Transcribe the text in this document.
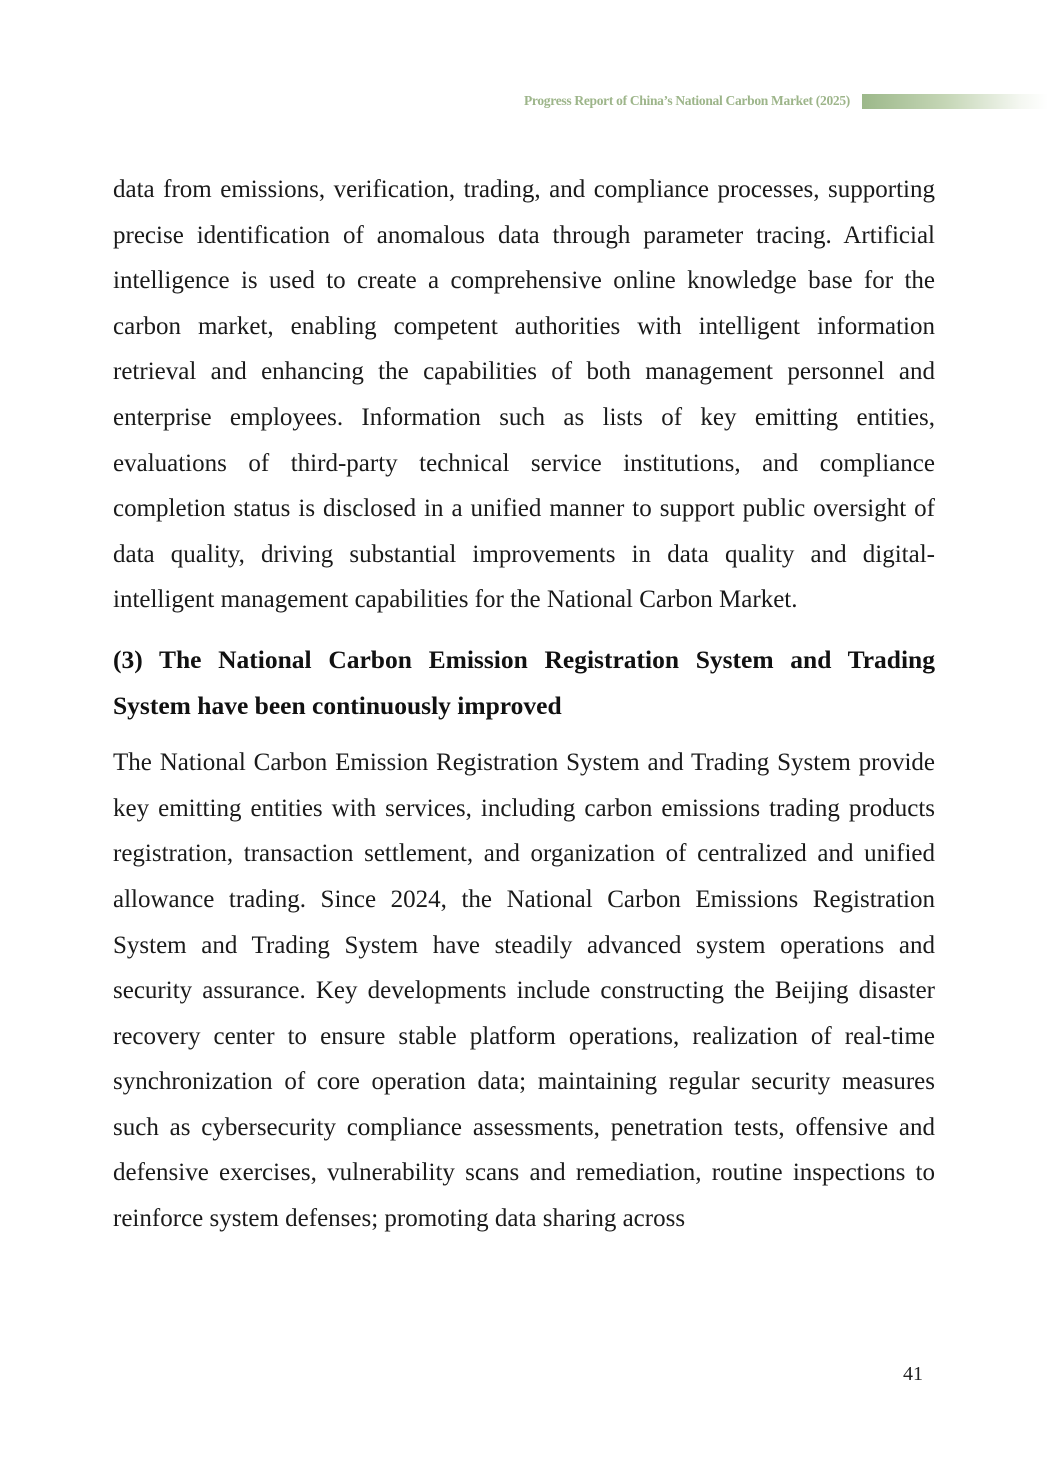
Progress Report of China’s National Carbon Market (2025)

data from emissions, verification, trading, and compliance processes, supporting precise identification of anomalous data through parameter tracing. Artificial intelligence is used to create a comprehensive online knowledge base for the carbon market, enabling competent authorities with intelligent information retrieval and enhancing the capabilities of both management personnel and enterprise employees. Information such as lists of key emitting entities, evaluations of third-party technical service institutions, and compliance completion status is disclosed in a unified manner to support public oversight of data quality, driving substantial improvements in data quality and digital-intelligent management capabilities for the National Carbon Market.

(3) The National Carbon Emission Registration System and Trading System have been continuously improved

The National Carbon Emission Registration System and Trading System provide key emitting entities with services, including carbon emissions trading products registration, transaction settlement, and organization of centralized and unified allowance trading. Since 2024, the National Carbon Emissions Registration System and Trading System have steadily advanced system operations and security assurance. Key developments include constructing the Beijing disaster recovery center to ensure stable platform operations, realization of real-time synchronization of core operation data; maintaining regular security measures such as cybersecurity compliance assessments, penetration tests, offensive and defensive exercises, vulnerability scans and remediation, routine inspections to reinforce system defenses; promoting data sharing across

41
